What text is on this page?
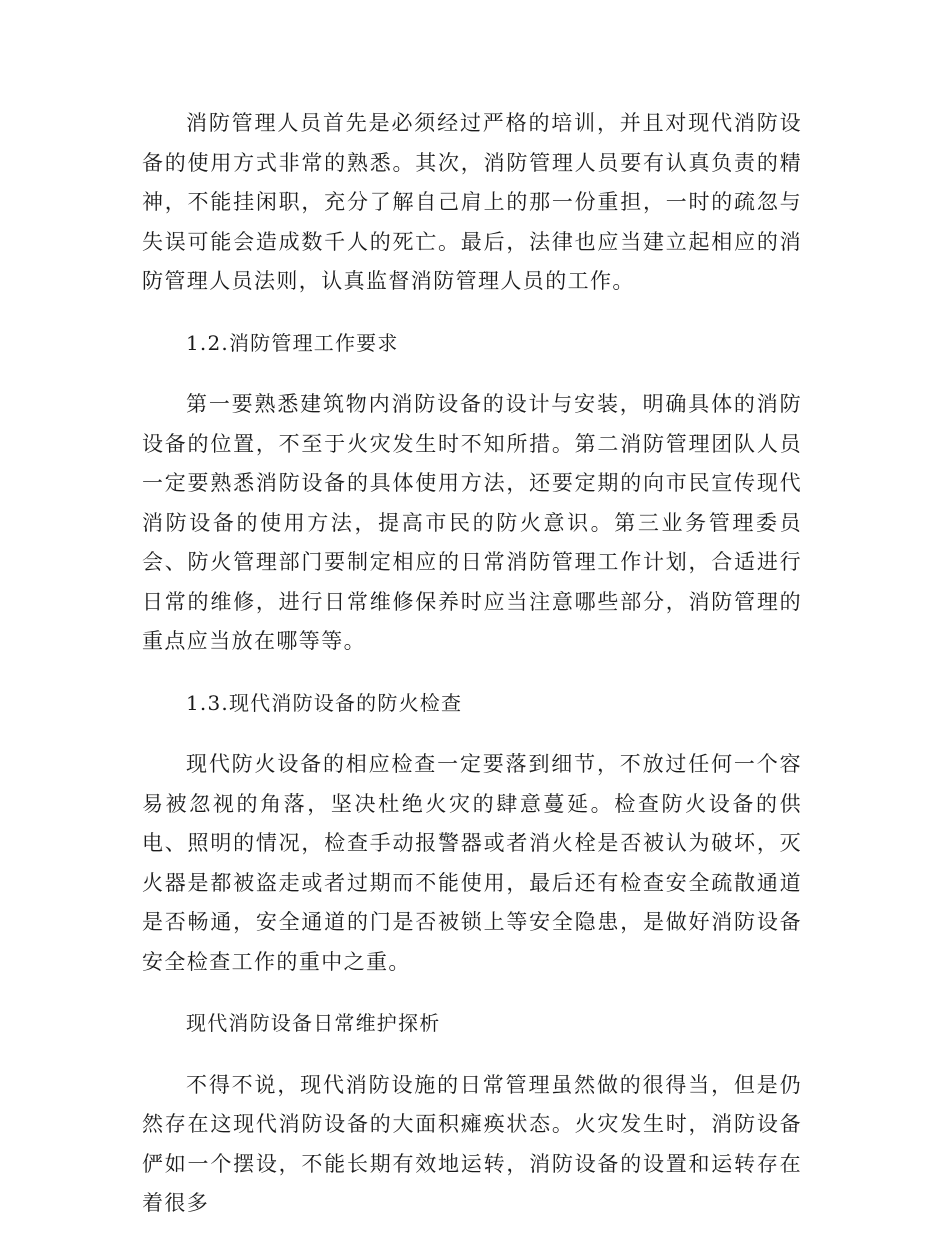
消防管理人员首先是必须经过严格的培训，并且对现代消防设备的使用方式非常的熟悉。其次，消防管理人员要有认真负责的精神，不能挂闲职，充分了解自己肩上的那一份重担，一时的疏忽与失误可能会造成数千人的死亡。最后，法律也应当建立起相应的消防管理人员法则，认真监督消防管理人员的工作。

1.2.消防管理工作要求

第一要熟悉建筑物内消防设备的设计与安装，明确具体的消防设备的位置，不至于火灾发生时不知所措。第二消防管理团队人员一定要熟悉消防设备的具体使用方法，还要定期的向市民宣传现代消防设备的使用方法，提高市民的防火意识。第三业务管理委员会、防火管理部门要制定相应的日常消防管理工作计划，合适进行日常的维修，进行日常维修保养时应当注意哪些部分，消防管理的重点应当放在哪等等。

1.3.现代消防设备的防火检查

现代防火设备的相应检查一定要落到细节，不放过任何一个容易被忽视的角落，坚决杜绝火灾的肆意蔓延。检查防火设备的供电、照明的情况，检查手动报警器或者消火栓是否被认为破坏，灭火器是都被盗走或者过期而不能使用，最后还有检查安全疏散通道是否畅通，安全通道的门是否被锁上等安全隐患，是做好消防设备安全检查工作的重中之重。

现代消防设备日常维护探析

不得不说，现代消防设施的日常管理虽然做的很得当，但是仍然存在这现代消防设备的大面积瘫痪状态。火灾发生时，消防设备俨如一个摆设，不能长期有效地运转，消防设备的设置和运转存在着很多
